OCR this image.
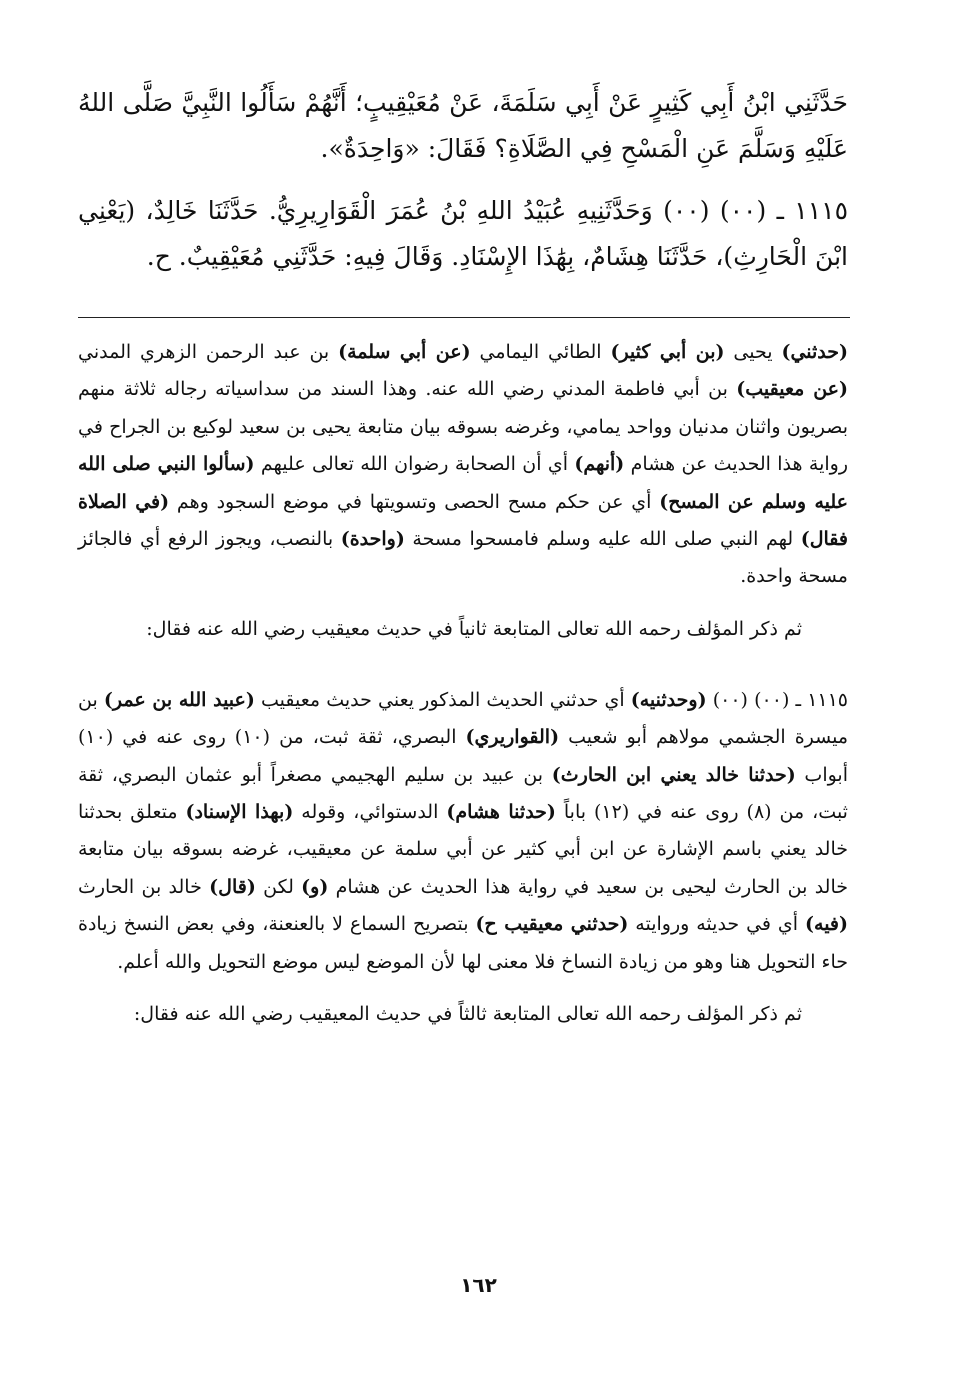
حَدَّثَنِي ابْنُ أَبِي كَثِيرٍ عَنْ أَبِي سَلَمَةَ، عَنْ مُعَيْقِيبٍ؛ أَنَّهُمْ سَأَلُوا النَّبِيَّ صَلَّى اللهُ عَلَيْهِ وَسَلَّمَ عَنِ الْمَسْحِ فِي الصَّلَاةِ؟ فَقَالَ: «وَاحِدَةٌ».

١١١٥ ـ (٠٠) (٠٠) وَحَدَّثَنِيهِ عُبَيْدُ اللهِ بْنُ عُمَرَ الْقَوَارِيرِيُّ. حَدَّثَنَا خَالِدٌ، (يَعْنِي ابْنَ الْحَارِثِ)، حَدَّثَنَا هِشَامٌ، بِهَٰذَا الإِسْنَادِ. وَقَالَ فِيهِ: حَدَّثَنِي مُعَيْقِيبٌ. ح.

(حدثني) يحيى (بن أبي كثير) الطائي اليمامي (عن أبي سلمة) بن عبد الرحمن الزهري المدني (عن معيقيب) بن أبي فاطمة المدني رضي الله عنه. وهذا السند من سداسياته رجاله ثلاثة منهم بصريون واثنان مدنيان وواحد يمامي، وغرضه بسوقه بيان متابعة يحيى بن سعيد لوكيع بن الجراح في رواية هذا الحديث عن هشام (أنهم) أي أن الصحابة رضوان الله تعالى عليهم (سألوا النبي صلى الله عليه وسلم عن المسح) أي عن حكم مسح الحصى وتسويتها في موضع السجود وهم (في الصلاة فقال) لهم النبي صلى الله عليه وسلم فامسحوا مسحة (واحدة) بالنصب، ويجوز الرفع أي فالجائز مسحة واحدة.

ثم ذكر المؤلف رحمه الله تعالى المتابعة ثانياً في حديث معيقيب رضي الله عنه فقال:

١١١٥ ـ (٠٠) (٠٠) (وحدثنيه) أي حدثني الحديث المذكور يعني حديث معيقيب (عبيد الله بن عمر) بن ميسرة الجشمي مولاهم أبو شعيب (القواريري) البصري، ثقة ثبت، من (١٠) روى عنه في (١٠) أبواب (حدثنا خالد يعني ابن الحارث) بن عبيد بن سليم الهجيمي مصغراً أبو عثمان البصري، ثقة ثبت، من (٨) روى عنه في (١٢) باباً (حدثنا هشام) الدستوائي، وقوله (بهذا الإسناد) متعلق بحدثنا خالد يعني باسم الإشارة عن ابن أبي كثير عن أبي سلمة عن معيقيب، غرضه بسوقه بيان متابعة خالد بن الحارث ليحيى بن سعيد في رواية هذا الحديث عن هشام (و) لكن (قال) خالد بن الحارث (فيه) أي في حديثه وروايته (حدثني معيقيب ح) بتصريح السماع لا بالعنعنة، وفي بعض النسخ زيادة حاء التحويل هنا وهو من زيادة النساخ فلا معنى لها لأن الموضع ليس موضع التحويل والله أعلم.

ثم ذكر المؤلف رحمه الله تعالى المتابعة ثالثاً في حديث المعيقيب رضي الله عنه فقال:

١٦٢
